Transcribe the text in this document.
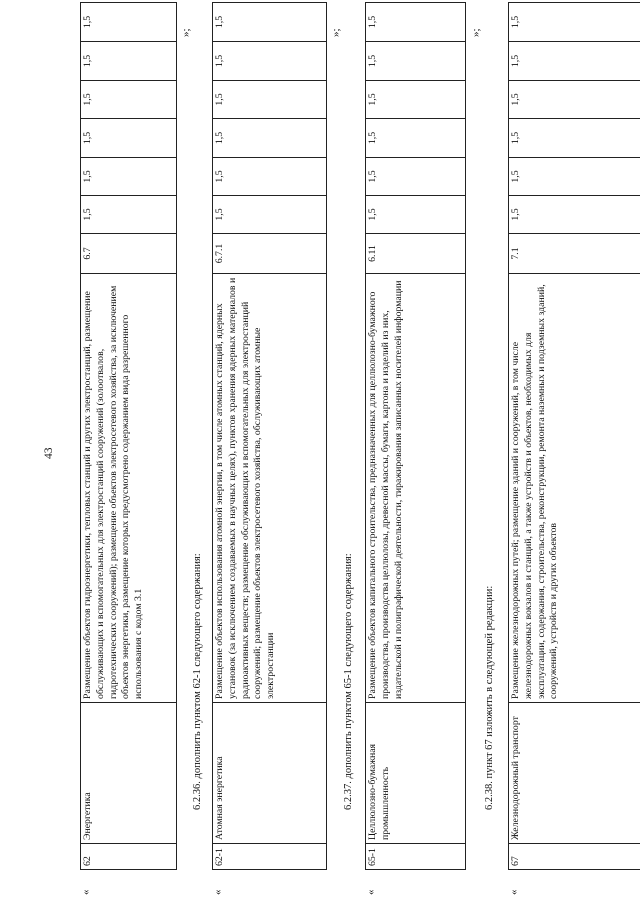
43
«
62	Энергетика	Размещение объектов гидроэнергетики, тепловых станций и других электростанций, размещение обслуживающих и вспомогательных для электростанций сооружений (золоотвалов, гидротехнических сооружений); размещение объектов электросетевого хозяйства, за исключением объектов энергетики, размещение которых предусмотрено содержанием вида разрешенного использования с кодом 3.1	6.7	1,5	1,5	1,5	1,5	1,5	1,5
»;
6.2.36. дополнить пунктом 62-1 следующего содержания:
«
62-1	Атомная энергетика	Размещение объектов использования атомной энергии, в том числе атомных станций, ядерных установок (за исключением создаваемых в научных целях), пунктов хранения ядерных материалов и радиоактивных веществ; размещение обслуживающих и вспомогательных для электростанций сооружений; размещение объектов электросетевого хозяйства, обслуживающих атомные электростанции	6.7.1	1,5	1,5	1,5	1,5	1,5	1,5
»;
6.2.37. дополнить пунктом 65-1 следующего содержания:
«
65-1	Целлюлозно-бумажная промышленность	Размещение объектов капитального строительства, предназначенных для целлюлозно-бумажного производства, производства целлюлозы, древесной массы, бумаги, картона и изделий из них, издательской и полиграфической деятельности, тиражирования записанных носителей информации	6.11	1,5	1,5	1,5	1,5	1,5	1,5
»;
6.2.38. пункт 67 изложить в следующей редакции:
«
67	Железнодорожный транспорт	Размещение железнодорожных путей; размещение зданий и сооружений, в том числе железнодорожных вокзалов и станций, а также устройств и объектов, необходимых для эксплуатации, содержания, строительства, реконструкции, ремонта наземных и подземных зданий, сооружений, устройств и других объектов	7.1	1,5	1,5	1,5	1,5	1,5	1,5
